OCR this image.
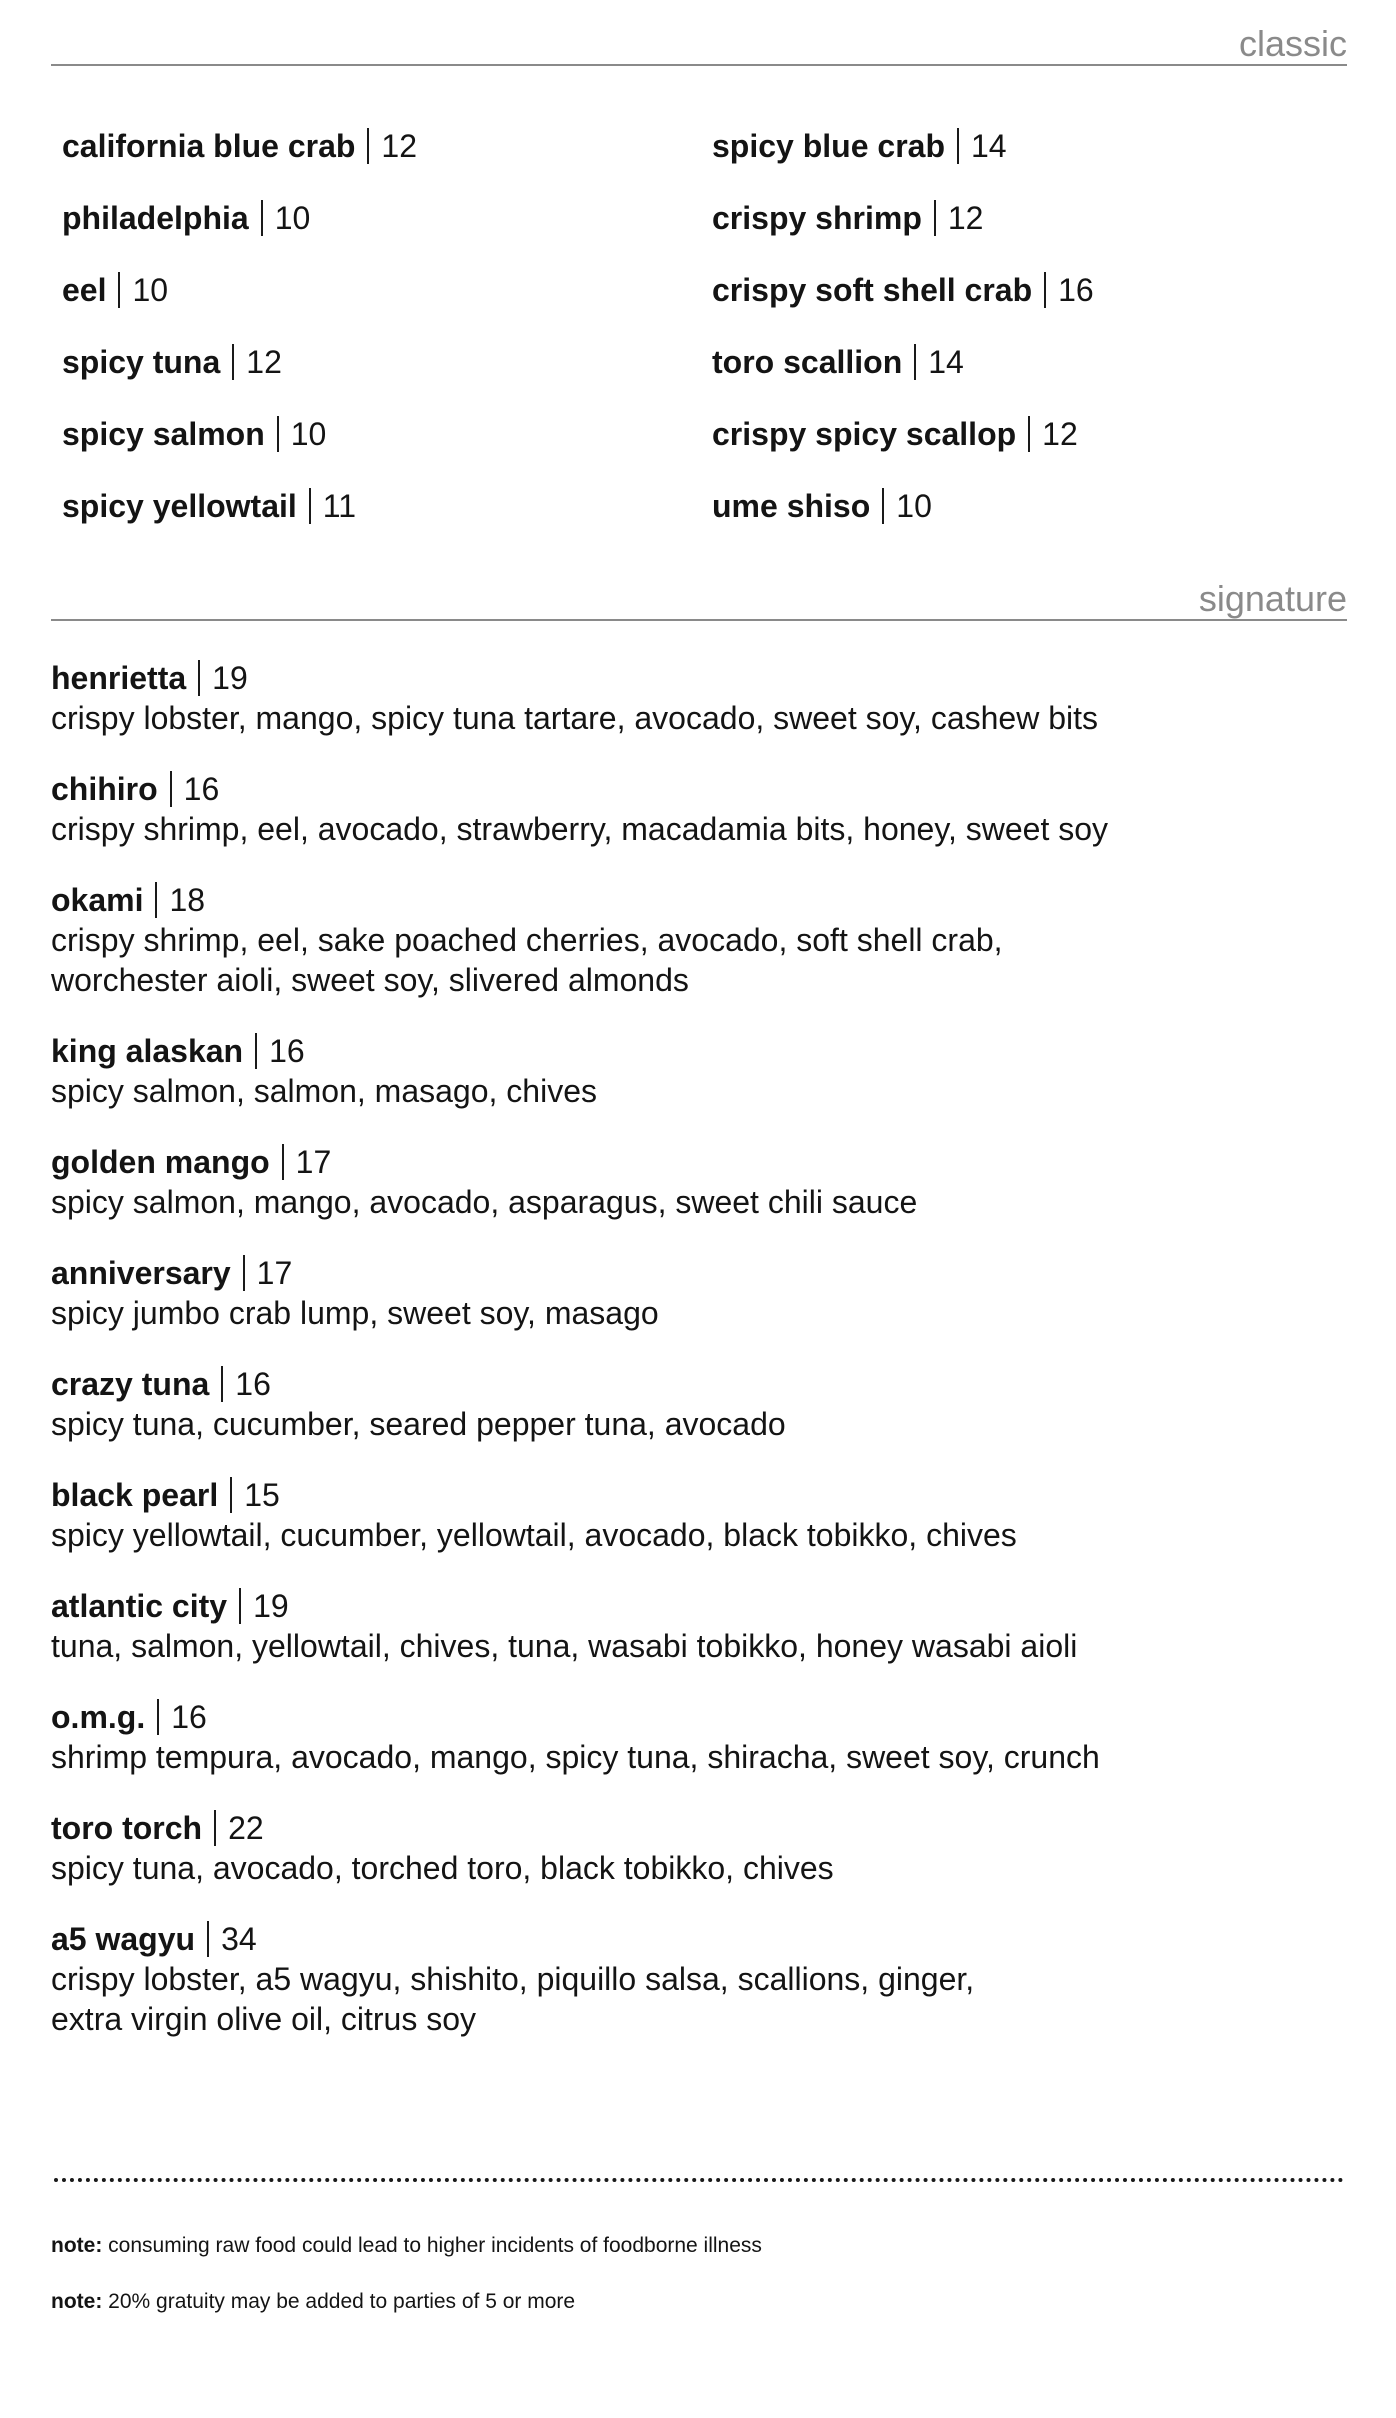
classic
california blue crab 12
philadelphia 10
eel 10
spicy tuna 12
spicy salmon 10
spicy yellowtail 11
spicy blue crab 14
crispy shrimp 12
crispy soft shell crab 16
toro scallion 14
crispy spicy scallop 12
ume shiso 10
signature
henrietta 19
crispy lobster, mango, spicy tuna tartare, avocado, sweet soy, cashew bits
chihiro 16
crispy shrimp, eel, avocado, strawberry, macadamia bits, honey, sweet soy
okami 18
crispy shrimp, eel, sake poached cherries, avocado, soft shell crab,
worchester aioli, sweet soy, slivered almonds
king alaskan 16
spicy salmon, salmon, masago, chives
golden mango 17
spicy salmon, mango, avocado, asparagus, sweet chili sauce
anniversary 17
spicy jumbo crab lump, sweet soy, masago
crazy tuna 16
spicy tuna, cucumber, seared pepper tuna, avocado
black pearl 15
spicy yellowtail, cucumber, yellowtail, avocado, black tobikko, chives
atlantic city 19
tuna, salmon, yellowtail, chives, tuna, wasabi tobikko, honey wasabi aioli
o.m.g. 16
shrimp tempura, avocado, mango, spicy tuna, shiracha, sweet soy, crunch
toro torch 22
spicy tuna, avocado, torched toro, black tobikko, chives
a5 wagyu 34
crispy lobster, a5 wagyu, shishito, piquillo salsa, scallions, ginger,
extra virgin olive oil, citrus soy
note: consuming raw food could lead to higher incidents of foodborne illness
note: 20% gratuity may be added to parties of 5 or more
